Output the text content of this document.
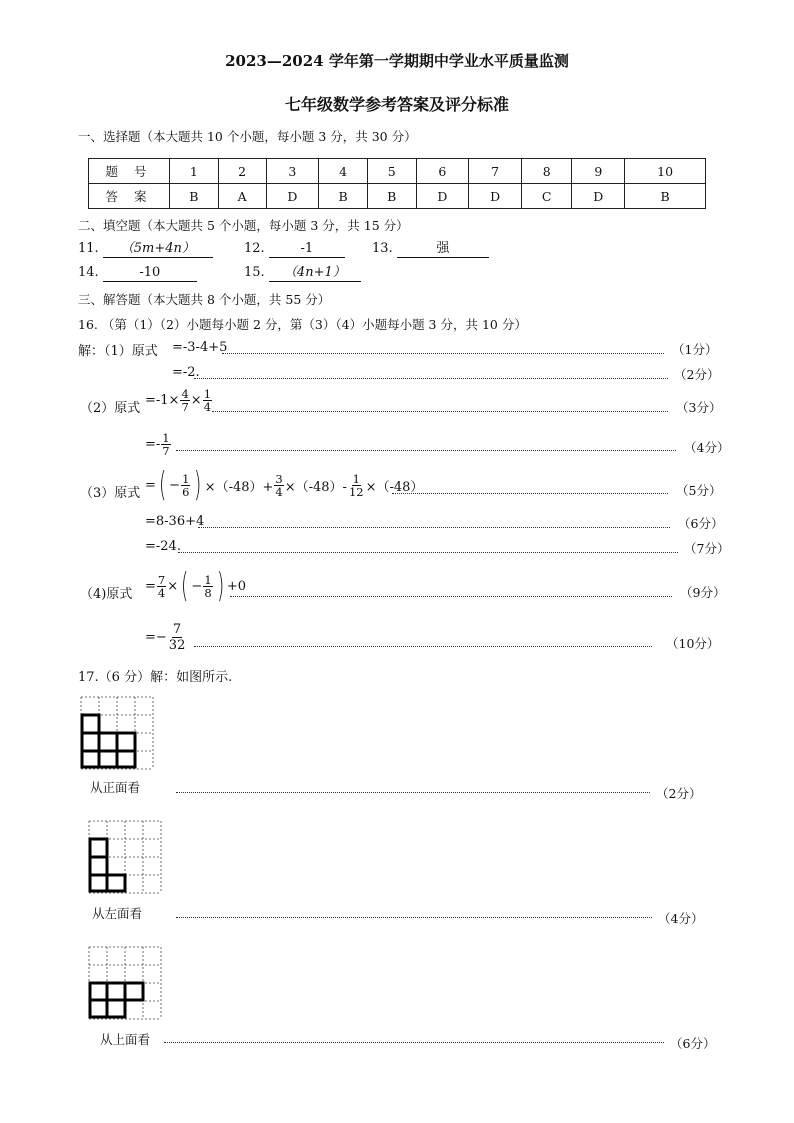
2023—2024 学年第一学期期中学业水平质量监测
七年级数学参考答案及评分标准
一、选择题（本大题共 10 个小题，每小题 3 分，共 30 分）
题 号	1	2	3	4	5	6	7	8	9	10
答 案	B	A	D	B	B	D	D	C	D	B
二、填空题（本大题共 5 个小题，每小题 3 分，共 15 分）
11. （5m+4n）	12.	-1	13.	强
14.	-10	15. （4n+1）
三、解答题（本大题共 8 个小题，共 55 分）
16. （第（1）（2）小题每小题 2 分，第（3）（4）小题每小题 3 分，共 10 分）
解：（1）原式 =-3-4+5	（1分）
=-2.	（2分）
（2）原式
$=-1\times \frac{4}{7} \times \frac{1}{4}$	（3分）
=- $\frac{1}{7}$	（4分）
（3）原式
= ( − $\frac{1}{6}$ ) $\times(-48)+ \frac{3}{4} \times(-48)- \frac{1}{12} \times(-48)$	（5分）
=8-36+4	（6分）
=-24.	（7分）
（4)原式
= $\frac{7}{4}$ × ( − $\frac{1}{8}$ ) +0	（9分）
=− $\frac{7}{32}$	（10分）
17.（6 分）解：如图所示.
从正面看	（2分）
从左面看	（4分）
从上面看	（6分）
